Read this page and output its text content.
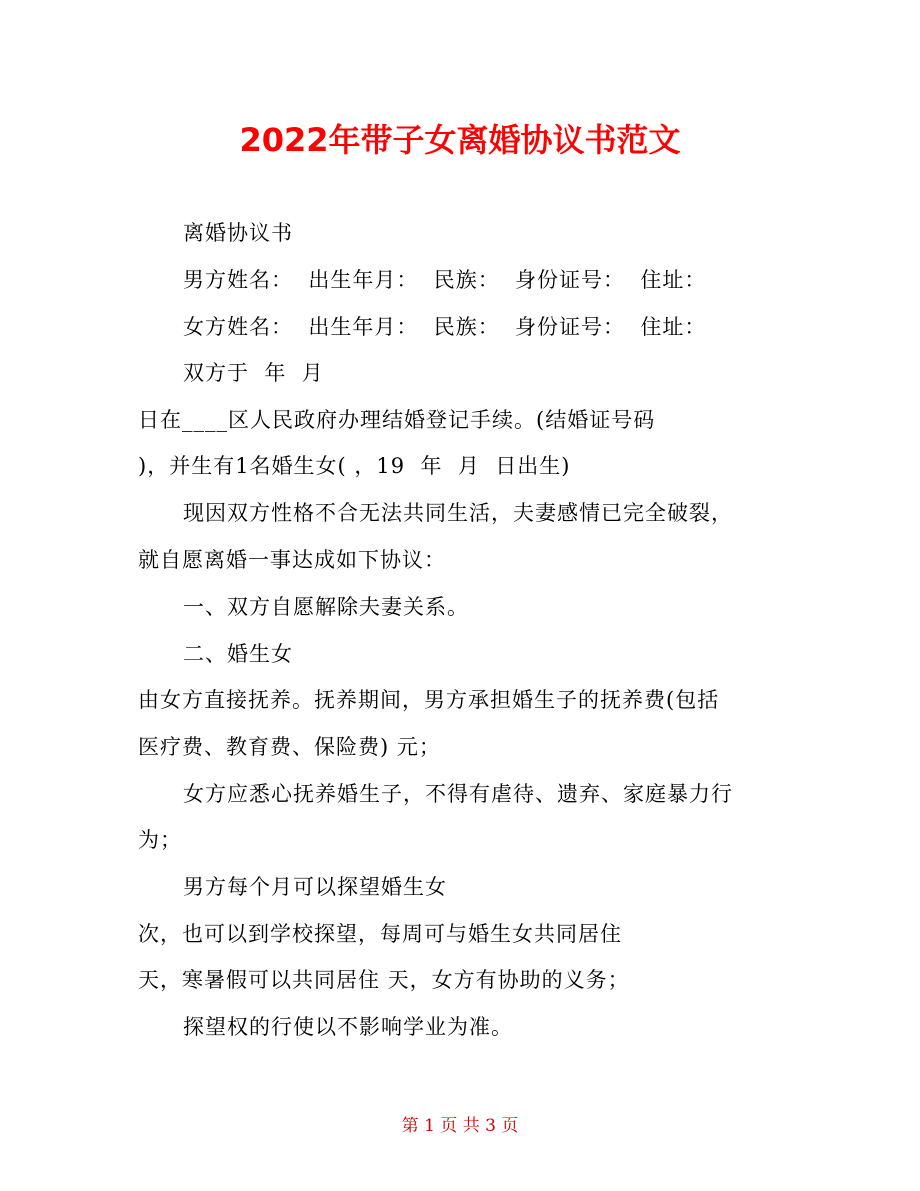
2022年带子女离婚协议书范文
离婚协议书
男方姓名：  出生年月：  民族：  身份证号：  住址：
女方姓名：  出生年月：  民族：  身份证号：  住址：
双方于  年  月
日在____区人民政府办理结婚登记手续。(结婚证号码
)，并生有1名婚生女( ，19  年  月  日出生)
现因双方性格不合无法共同生活，夫妻感情已完全破裂，
就自愿离婚一事达成如下协议：
一、双方自愿解除夫妻关系。
二、婚生女
由女方直接抚养。抚养期间，男方承担婚生子的抚养费(包括
医疗费、教育费、保险费) 元；
女方应悉心抚养婚生子，不得有虐待、遗弃、家庭暴力行
为；
男方每个月可以探望婚生女
次，也可以到学校探望，每周可与婚生女共同居住
天，寒暑假可以共同居住 天，女方有协助的义务；
探望权的行使以不影响学业为准。
第 1 页 共 3 页
